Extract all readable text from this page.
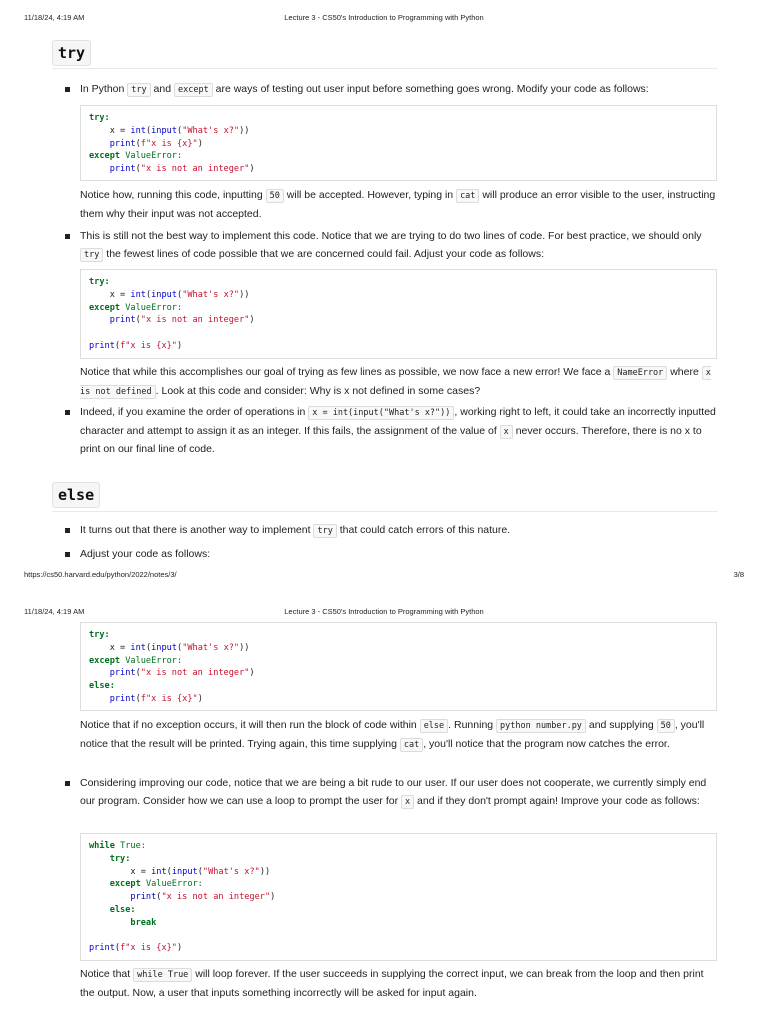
11/18/24, 4:19 AM	Lecture 3 - CS50's Introduction to Programming with Python
try
In Python try and except are ways of testing out user input before something goes wrong. Modify your code as follows:
try:
x = int(input("What's x?"))
print(f"x is {x}")
except ValueError:
print("x is not an integer")
Notice how, running this code, inputting 50 will be accepted. However, typing in cat will produce an error visible to the user, instructing them why their input was not accepted.
This is still not the best way to implement this code. Notice that we are trying to do two lines of code. For best practice, we should only try the fewest lines of code possible that we are concerned could fail. Adjust your code as follows:
try:
x = int(input("What's x?"))
except ValueError:
print("x is not an integer")

print(f"x is {x}")
Notice that while this accomplishes our goal of trying as few lines as possible, we now face a new error! We face a NameError where x is not defined . Look at this code and consider: Why is x not defined in some cases?
Indeed, if you examine the order of operations in x = int(input("What's x?")) , working right to left, it could take an incorrectly inputted character and attempt to assign it as an integer. If this fails, the assignment of the value of x never occurs. Therefore, there is no x to print on our final line of code.
else
It turns out that there is another way to implement try that could catch errors of this nature.
Adjust your code as follows:
https://cs50.harvard.edu/python/2022/notes/3/	3/8
11/18/24, 4:19 AM	Lecture 3 - CS50's Introduction to Programming with Python
try:
x = int(input("What's x?"))
except ValueError:
print("x is not an integer")
else:
print(f"x is {x}")
Notice that if no exception occurs, it will then run the block of code within else . Running python number.py and supplying 50 , you'll notice that the result will be printed. Trying again, this time supplying cat , you'll notice that the program now catches the error.
Considering improving our code, notice that we are being a bit rude to our user. If our user does not cooperate, we currently simply end our program. Consider how we can use a loop to prompt the user for x and if they don't prompt again! Improve your code as follows:
while True:
try:
x = int(input("What's x?"))
except ValueError:
print("x is not an integer")
else:
break

print(f"x is {x}")
Notice that while True will loop forever. If the user succeeds in supplying the correct input, we can break from the loop and then print the output. Now, a user that inputs something incorrectly will be asked for input again.
